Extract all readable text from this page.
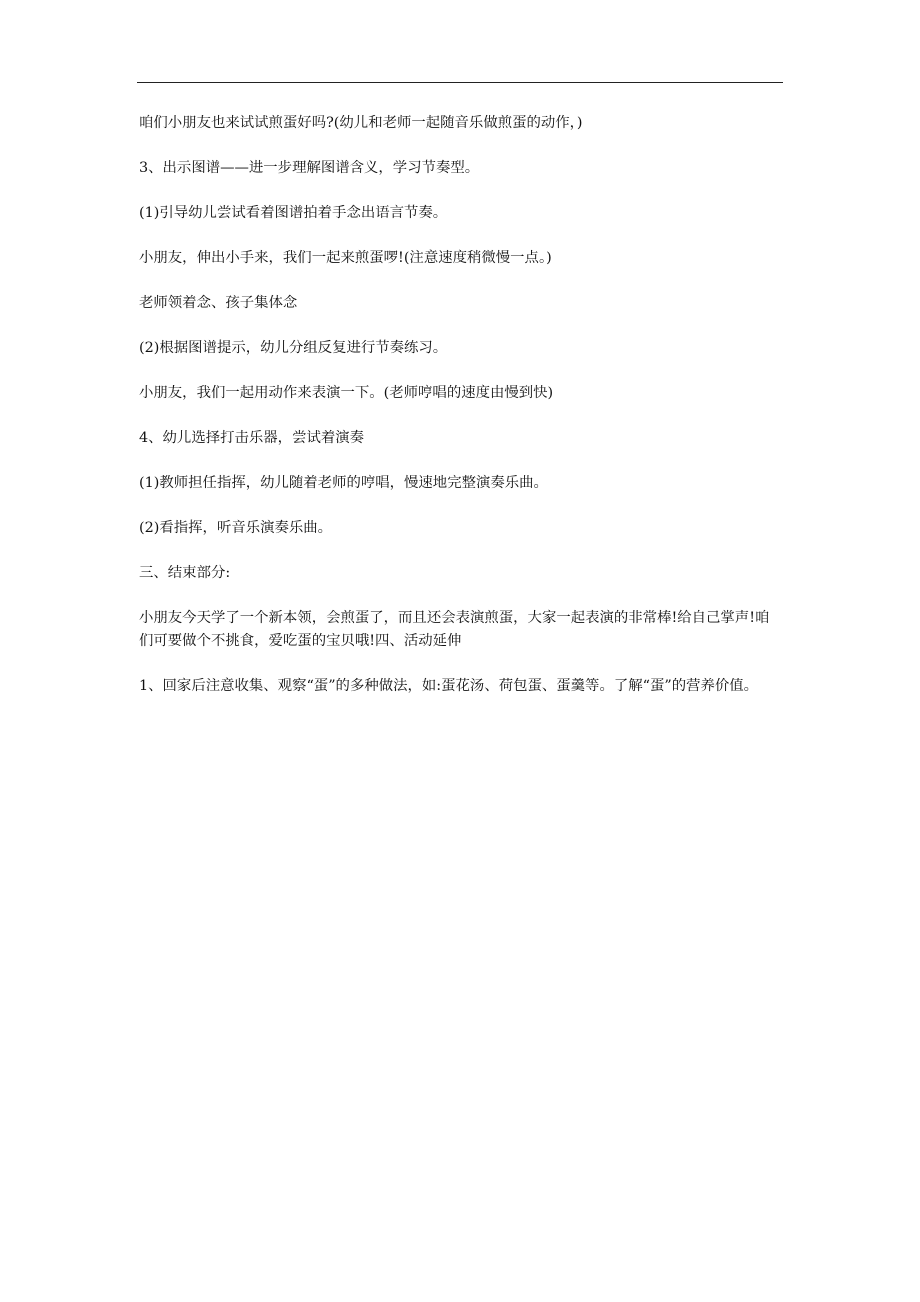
咱们小朋友也来试试煎蛋好吗?(幼儿和老师一起随音乐做煎蛋的动作，)

3、出示图谱——进一步理解图谱含义，学习节奏型。

(1)引导幼儿尝试看着图谱拍着手念出语言节奏。

小朋友，伸出小手来，我们一起来煎蛋啰!(注意速度稍微慢一点。)

老师领着念、孩子集体念

(2)根据图谱提示，幼儿分组反复进行节奏练习。

小朋友，我们一起用动作来表演一下。(老师哼唱的速度由慢到快)

4、幼儿选择打击乐器，尝试着演奏

(1)教师担任指挥，幼儿随着老师的哼唱，慢速地完整演奏乐曲。

(2)看指挥，听音乐演奏乐曲。

三、结束部分:

小朋友今天学了一个新本领，会煎蛋了，而且还会表演煎蛋，大家一起表演的非常棒!给自己掌声!咱们可要做个不挑食，爱吃蛋的宝贝哦!四、活动延伸

1、回家后注意收集、观察“蛋”的多种做法，如:蛋花汤、荷包蛋、蛋羹等。了解“蛋”的营养价值。
